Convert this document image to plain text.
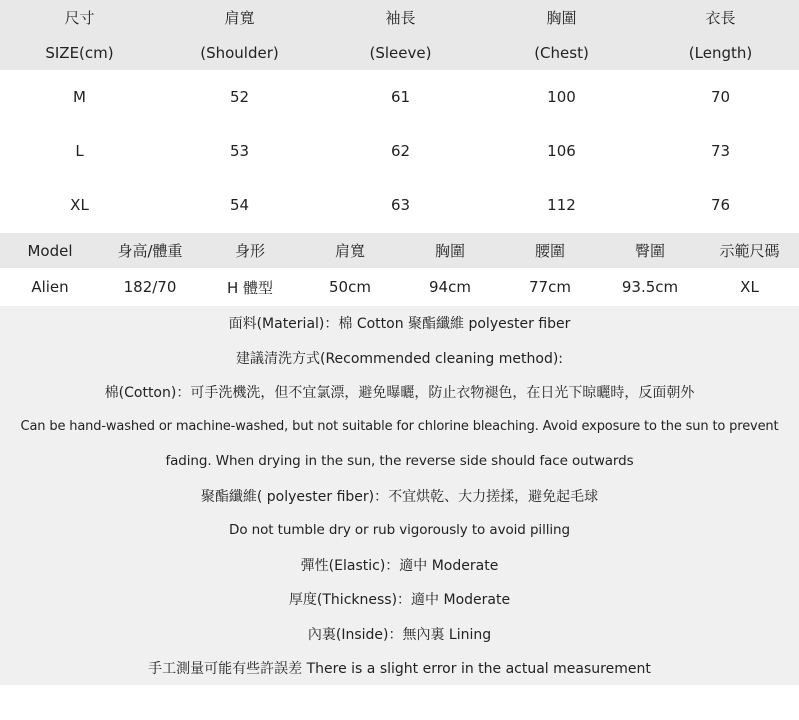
尺寸	肩寬	袖長	胸圍	衣長
SIZE(cm)	(Shoulder)	(Sleeve)	(Chest)	(Length)
M	52	61	100	70
L	53	62	106	73
XL	54	63	112	76
Model	身高/體重	身形	肩寬	胸圍	腰圍	臀圍	示範尺碼
Alien	182/70	H 體型	50cm	94cm	77cm	93.5cm	XL
面料(Material)：棉 Cotton 聚酯纖維 polyester fiber
建議清洗方式(Recommended cleaning method):
棉(Cotton)：可手洗機洗，但不宜氯漂，避免曝曬，防止衣物褪色，在日光下晾曬時，反面朝外
Can be hand-washed or machine-washed, but not suitable for chlorine bleaching. Avoid exposure to the sun to prevent
fading. When drying in the sun, the reverse side should face outwards
聚酯纖維( polyester fiber)：不宜烘乾、大力搓揉，避免起毛球
Do not tumble dry or rub vigorously to avoid pilling
彈性(Elastic)：適中 Moderate
厚度(Thickness)：適中 Moderate
內裏(Inside)：無內裏 Lining
手工測量可能有些許誤差 There is a slight error in the actual measurement
